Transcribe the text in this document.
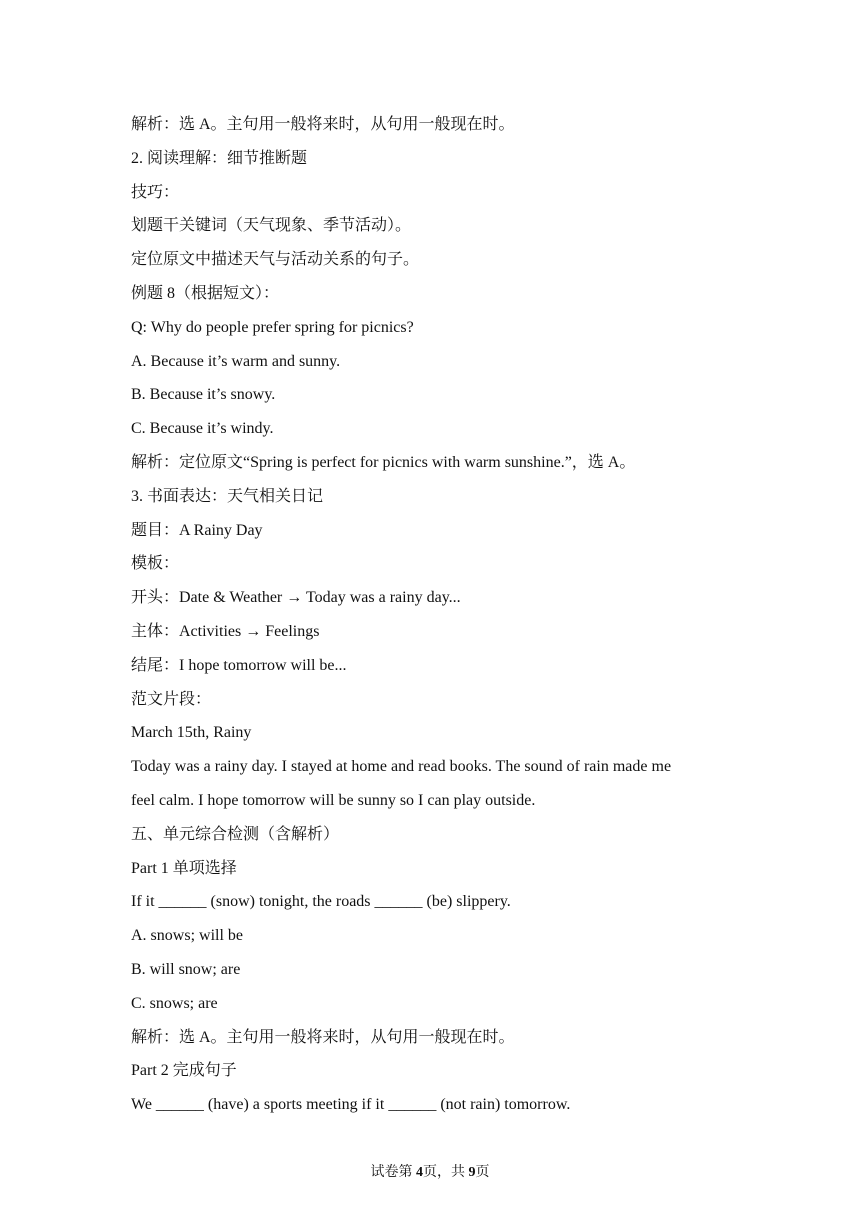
解析：选 A。主句用一般将来时，从句用一般现在时。
2. 阅读理解：细节推断题
技巧：
划题干关键词（天气现象、季节活动）。
定位原文中描述天气与活动关系的句子。
例题 8（根据短文）：
Q: Why do people prefer spring for picnics?
A. Because it’s warm and sunny.
B. Because it’s snowy.
C. Because it’s windy.
解析：定位原文“Spring is perfect for picnics with warm sunshine.”，选 A。
3. 书面表达：天气相关日记
题目：A Rainy Day
模板：
开头：Date & Weather → Today was a rainy day...
主体：Activities → Feelings
结尾：I hope tomorrow will be...
范文片段：
March 15th, Rainy
Today was a rainy day. I stayed at home and read books. The sound of rain made me
feel calm. I hope tomorrow will be sunny so I can play outside.
五、单元综合检测（含解析）
Part 1 单项选择
If it ______ (snow) tonight, the roads ______ (be) slippery.
A. snows; will be
B. will snow; are
C. snows; are
解析：选 A。主句用一般将来时，从句用一般现在时。
Part 2 完成句子
We ______ (have) a sports meeting if it ______ (not rain) tomorrow.
试卷第 4页，共 9页
